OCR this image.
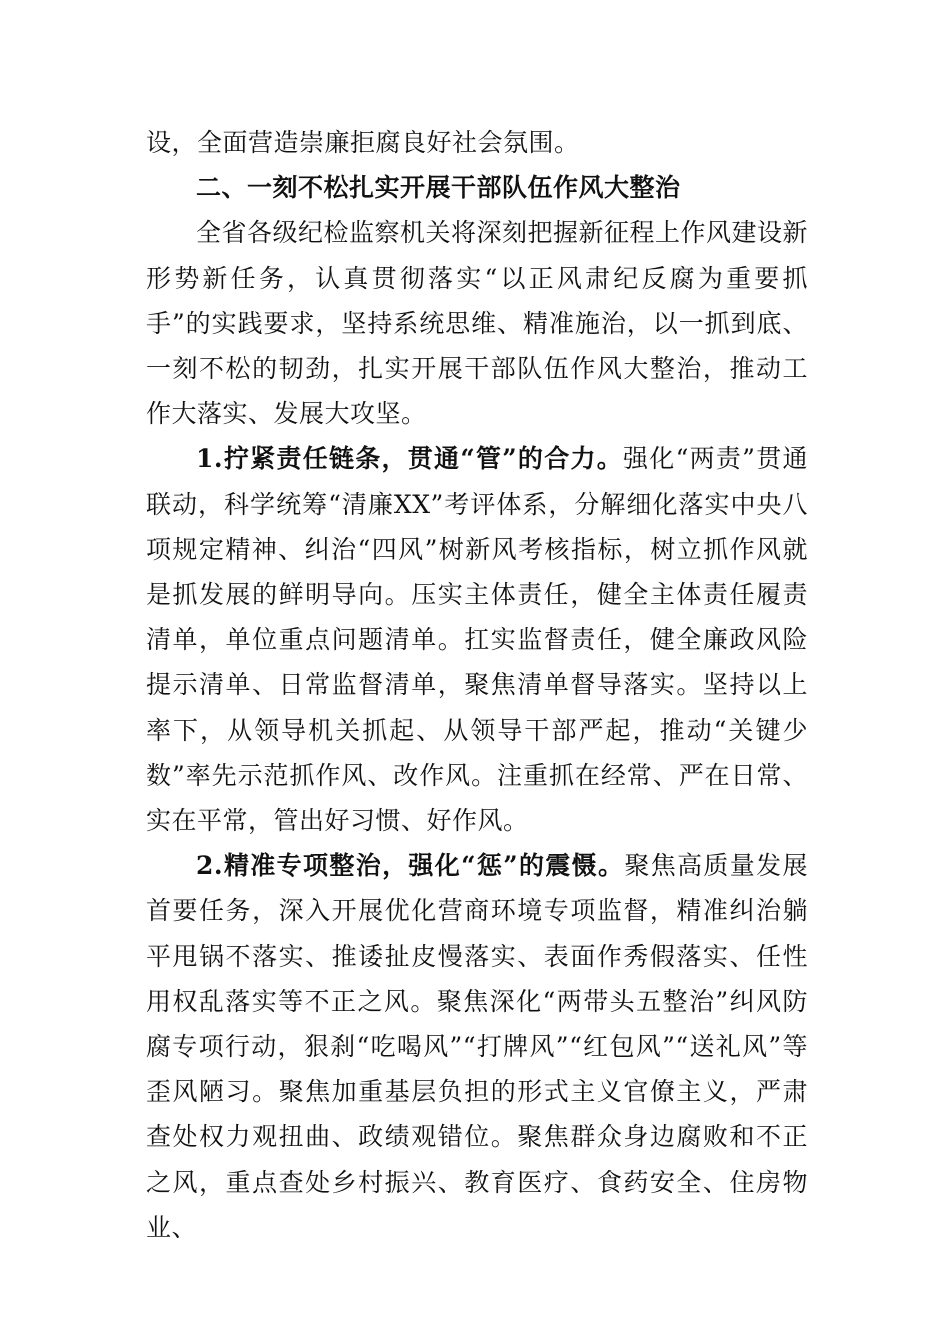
设，全面营造崇廉拒腐良好社会氛围。

二、一刻不松扎实开展干部队伍作风大整治

全省各级纪检监察机关将深刻把握新征程上作风建设新形势新任务，认真贯彻落实“以正风肃纪反腐为重要抓手”的实践要求，坚持系统思维、精准施治，以一抓到底、一刻不松的韧劲，扎实开展干部队伍作风大整治，推动工作大落实、发展大攻坚。

1.拧紧责任链条，贯通“管”的合力。强化“两责”贯通联动，科学统筹“清廉XX”考评体系，分解细化落实中央八项规定精神、纠治“四风”树新风考核指标，树立抓作风就是抓发展的鲜明导向。压实主体责任，健全主体责任履责清单，单位重点问题清单。扛实监督责任，健全廉政风险提示清单、日常监督清单，聚焦清单督导落实。坚持以上率下，从领导机关抓起、从领导干部严起，推动“关键少数”率先示范抓作风、改作风。注重抓在经常、严在日常、实在平常，管出好习惯、好作风。

2.精准专项整治，强化“惩”的震慑。聚焦高质量发展首要任务，深入开展优化营商环境专项监督，精准纠治躺平甩锅不落实、推诿扯皮慢落实、表面作秀假落实、任性用权乱落实等不正之风。聚焦深化“两带头五整治”纠风防腐专项行动，狠刹“吃喝风”“打牌风”“红包风”“送礼风”等歪风陋习。聚焦加重基层负担的形式主义官僚主义，严肃查处权力观扭曲、政绩观错位。聚焦群众身边腐败和不正之风，重点查处乡村振兴、教育医疗、食药安全、住房物业、
